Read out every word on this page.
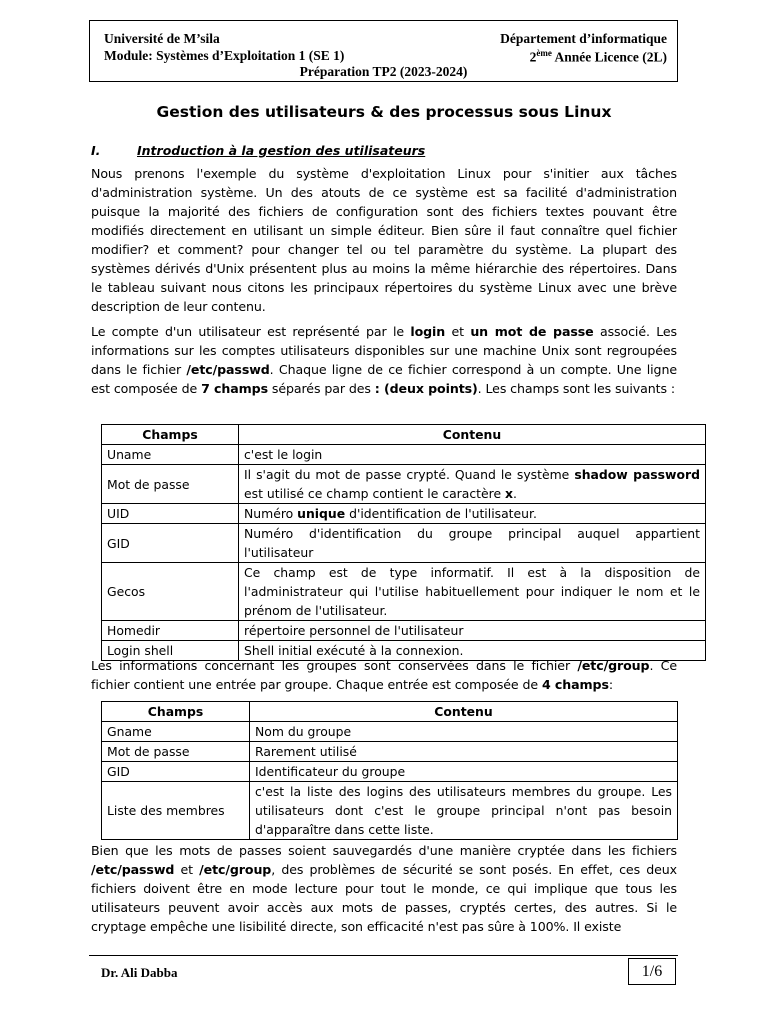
Université de M’sila	Département d’informatique
Module: Systèmes d’Exploitation 1 (SE 1)	2ème Année Licence (2L)
Préparation TP2 (2023-2024)
Gestion des utilisateurs & des processus sous Linux
I.	Introduction à la gestion des utilisateurs
Nous prenons l'exemple du système d'exploitation Linux pour s'initier aux tâches d'administration système. Un des atouts de ce système est sa facilité d'administration puisque la majorité des fichiers de configuration sont des fichiers textes pouvant être modifiés directement en utilisant un simple éditeur. Bien sûre il faut connaître quel fichier modifier? et comment? pour changer tel ou tel paramètre du système. La plupart des systèmes dérivés d'Unix présentent plus au moins la même hiérarchie des répertoires. Dans le tableau suivant nous citons les principaux répertoires du système Linux avec une brève description de leur contenu.
Le compte d'un utilisateur est représenté par le login et un mot de passe associé. Les informations sur les comptes utilisateurs disponibles sur une machine Unix sont regroupées dans le fichier /etc/passwd. Chaque ligne de ce fichier correspond à un compte. Une ligne est composée de 7 champs séparés par des : (deux points). Les champs sont les suivants :
Champs	Contenu
Uname	c'est le login
Mot de passe	Il s'agit du mot de passe crypté. Quand le système shadow password est utilisé ce champ contient le caractère x.
UID	Numéro unique d'identification de l'utilisateur.
GID	Numéro d'identification du groupe principal auquel appartient l'utilisateur
Gecos	Ce champ est de type informatif. Il est à la disposition de l'administrateur qui l'utilise habituellement pour indiquer le nom et le prénom de l'utilisateur.
Homedir	répertoire personnel de l'utilisateur
Login shell	Shell initial exécuté à la connexion.
Les informations concernant les groupes sont conservées dans le fichier /etc/group. Ce fichier contient une entrée par groupe. Chaque entrée est composée de 4 champs:
Champs	Contenu
Gname	Nom du groupe
Mot de passe	Rarement utilisé
GID	Identificateur du groupe
Liste des membres	c'est la liste des logins des utilisateurs membres du groupe. Les utilisateurs dont c'est le groupe principal n'ont pas besoin d'apparaître dans cette liste.
Bien que les mots de passes soient sauvegardés d'une manière cryptée dans les fichiers /etc/passwd et /etc/group, des problèmes de sécurité se sont posés. En effet, ces deux fichiers doivent être en mode lecture pour tout le monde, ce qui implique que tous les utilisateurs peuvent avoir accès aux mots de passes, cryptés certes, des autres. Si le cryptage empêche une lisibilité directe, son efficacité n'est pas sûre à 100%. Il existe
Dr. Ali Dabba	1/6
